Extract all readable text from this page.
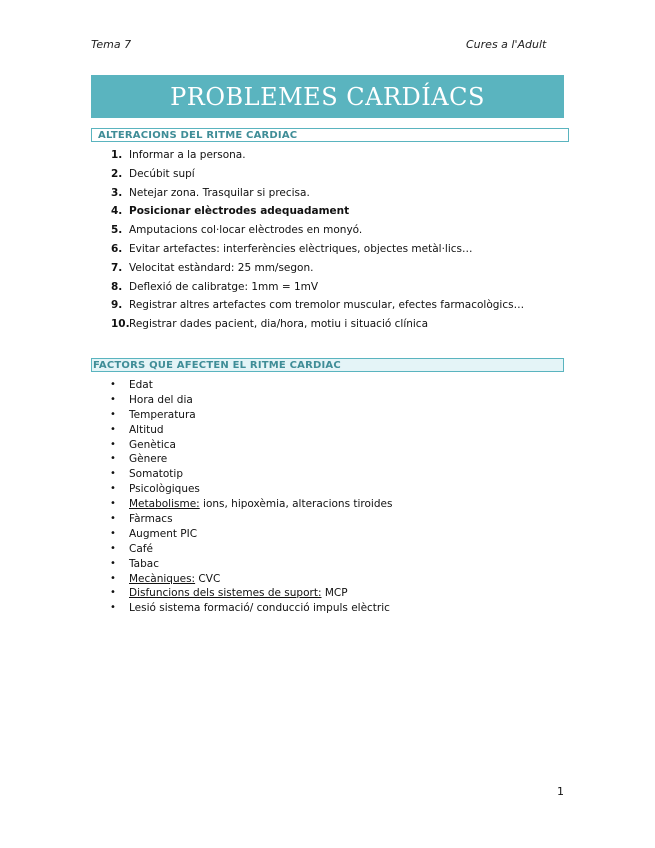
Tema 7	Cures a l'Adult
PROBLEMES CARDÍACS
ALTERACIONS DEL RITME CARDIAC
1. Informar a la persona.
2. Decúbit supí
3. Netejar zona. Trasquilar si precisa.
4. Posicionar elèctrodes adequadament
5. Amputacions col·locar elèctrodes en monyó.
6. Evitar artefactes: interferències elèctriques, objectes metàl·lics…
7. Velocitat estàndard: 25 mm/segon.
8. Deflexió de calibratge: 1mm = 1mV
9. Registrar altres artefactes com tremolor muscular, efectes farmacològics…
10. Registrar dades pacient, dia/hora, motiu i situació clínica
FACTORS QUE AFECTEN EL RITME CARDIAC
• Edat
• Hora del dia
• Temperatura
• Altitud
• Genètica
• Gènere
• Somatotip
• Psicològiques
• Metabolisme: ions, hipoxèmia, alteracions tiroides
• Fàrmacs
• Augment PIC
• Café
• Tabac
• Mecàniques: CVC
• Disfuncions dels sistemes de suport: MCP
• Lesió sistema formació/ conducció impuls elèctric
1
